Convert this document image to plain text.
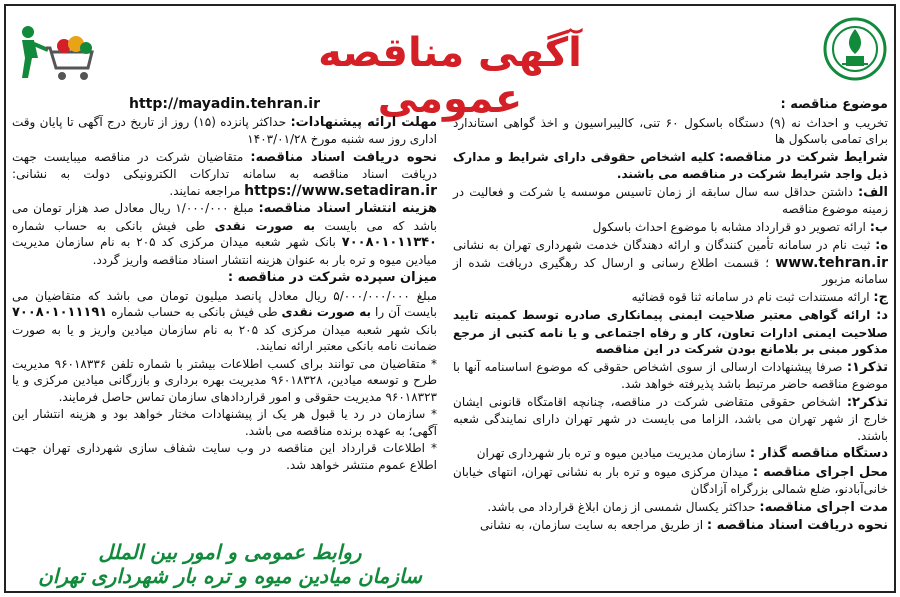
آگهی مناقصه عمومی	موضوع مناقصه :

تخریب و احداث نه (۹) دستگاه باسکول ۶۰ تنی، کالیبراسیون و اخذ گواهی استاندارد برای تمامی باسکول ها

شرایط شرکت در مناقصه: کلیه اشخاص حقوقی دارای شرایط و مدارک ذیل واجد شرایط شرکت در مناقصه می باشند.

الف: داشتن حداقل سه سال سابقه از زمان تاسیس موسسه یا شرکت و فعالیت در زمینه موضوع مناقصه

ب: ارائه تصویر دو قرارداد مشابه با موضوع احداث باسکول

ه: ثبت نام در سامانه تأمین کنندگان و ارائه دهندگان خدمت شهرداری تهران به نشانی www.tehran.ir ؛ قسمت اطلاع رسانی و ارسال کد رهگیری دریافت شده از سامانه مزبور

ج: ارائه مستندات ثبت نام در سامانه ثنا قوه قضائیه

د: ارائه گواهی معتبر صلاحیت ایمنی پیمانکاری صادره توسط کمیته تایید صلاحیت ایمنی ادارات تعاون، کار و رفاه اجتماعی و یا نامه کتبی از مرجع مذکور مبنی بر بلامانع بودن شرکت در این مناقصه

تذکر۱: صرفا پیشنهادات ارسالی از سوی اشخاص حقوقی که موضوع اساسنامه آنها با موضوع مناقصه حاضر مرتبط باشد پذیرفته خواهد شد.

تذکر۲: اشخاص حقوقی متقاضی شرکت در مناقصه، چنانچه اقامتگاه قانونی ایشان خارج از شهر تهران می باشد، الزاما می بایست در شهر تهران دارای نمایندگی شعبه باشند.

دستگاه مناقصه گذار : سازمان مدیریت میادین میوه و تره بار شهرداری تهران

محل اجرای مناقصه : میدان مرکزی میوه و تره بار به نشانی تهران، انتهای خیابان خانی‌آبادنو، ضلع شمالی بزرگراه آزادگان

مدت اجرای مناقصه: حداکثر یکسال شمسی از زمان ابلاغ قرارداد می باشد.

نحوه دریافت اسناد مناقصه : از طریق مراجعه به سایت سازمان، به نشانی

http://mayadin.tehran.ir

مهلت ارائه پیشنهادات: حداکثر پانزده (۱۵) روز از تاریخ درج آگهی تا پایان وقت اداری روز سه شنبه مورخ ۱۴۰۳/۰۱/۲۸

نحوه دریافت اسناد مناقصه: متقاضیان شرکت در مناقصه میبایست جهت دریافت اسناد مناقصه به سامانه تدارکات الکترونیکی دولت به نشانی: https://www.setadiran.ir مراجعه نمایند.

هزینه انتشار اسناد مناقصه: مبلغ ۱/۰۰۰/۰۰۰ ریال معادل صد هزار تومان می باشد که می بایست به صورت نقدی طی فیش بانکی به حساب شماره ۷۰۰۸۰۱۰۱۱۳۴۰ بانک شهر شعبه میدان مرکزی کد ۲۰۵ به نام سازمان مدیریت میادین میوه و تره بار به عنوان هزینه انتشار اسناد مناقصه واریز گردد.

میزان سپرده شرکت در مناقصه :

مبلغ ۵/۰۰۰/۰۰۰/۰۰۰ ریال معادل پانصد میلیون تومان می باشد که متقاضیان می بایست آن را به صورت نقدی طی فیش بانکی به حساب شماره ۷۰۰۸۰۱۰۱۱۱۹۱ بانک شهر شعبه میدان مرکزی کد ۲۰۵ به نام سازمان میادین واریز و یا به صورت ضمانت نامه بانکی معتبر ارائه نمایند.

* متقاضیان می توانند برای کسب اطلاعات بیشتر با شماره تلفن ۹۶۰۱۸۳۳۶ مدیریت طرح و توسعه میادین، ۹۶۰۱۸۳۲۸ مدیریت بهره برداری و بازرگانی میادین مرکزی و یا ۹۶۰۱۸۳۲۳ مدیریت حقوقی و امور قراردادهای سازمان تماس حاصل فرمایند.

* سازمان در رد یا قبول هر یک از پیشنهادات مختار خواهد بود و هزینه انتشار این آگهی؛ به عهده برنده مناقصه می باشد.

* اطلاعات قرارداد این مناقصه در وب سایت شفاف سازی شهرداری تهران جهت اطلاع عموم منتشر خواهد شد.

روابط عمومی و امور بین الملل
سازمان میادین میوه و تره بار شهرداری تهران
